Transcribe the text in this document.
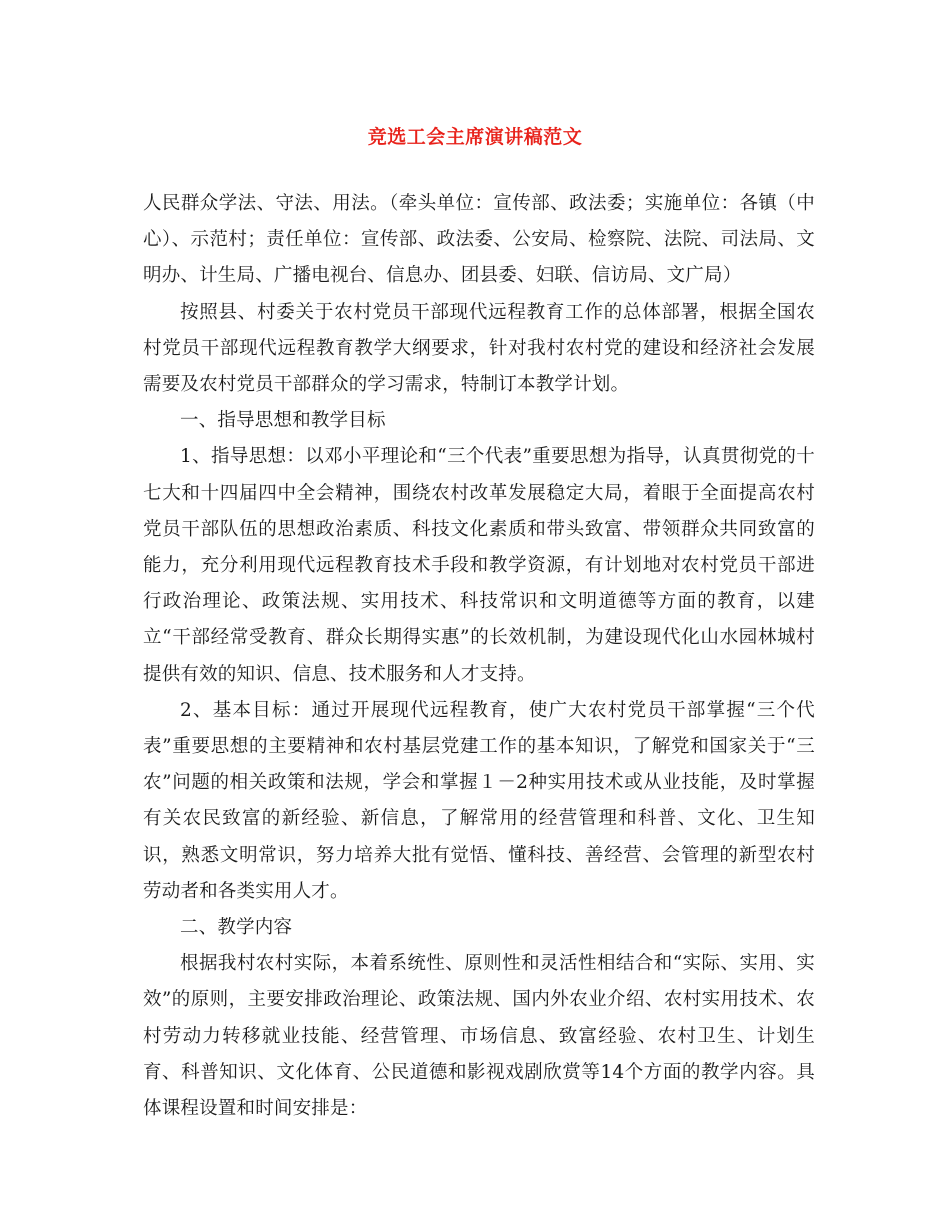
竞选工会主席演讲稿范文

人民群众学法、守法、用法。（牵头单位：宣传部、政法委；实施单位：各镇（中心）、示范村；责任单位：宣传部、政法委、公安局、检察院、法院、司法局、文明办、计生局、广播电视台、信息办、团县委、妇联、信访局、文广局）

按照县、村委关于农村党员干部现代远程教育工作的总体部署，根据全国农村党员干部现代远程教育教学大纲要求，针对我村农村党的建设和经济社会发展需要及农村党员干部群众的学习需求，特制订本教学计划。

一、指导思想和教学目标

1、指导思想：以邓小平理论和“三个代表”重要思想为指导，认真贯彻党的十七大和十四届四中全会精神，围绕农村改革发展稳定大局，着眼于全面提高农村党员干部队伍的思想政治素质、科技文化素质和带头致富、带领群众共同致富的能力，充分利用现代远程教育技术手段和教学资源，有计划地对农村党员干部进行政治理论、政策法规、实用技术、科技常识和文明道德等方面的教育，以建立“干部经常受教育、群众长期得实惠”的长效机制，为建设现代化山水园林城村提供有效的知识、信息、技术服务和人才支持。

2、基本目标：通过开展现代远程教育，使广大农村党员干部掌握“三个代表”重要思想的主要精神和农村基层党建工作的基本知识，了解党和国家关于“三农”问题的相关政策和法规，学会和掌握１－2种实用技术或从业技能，及时掌握有关农民致富的新经验、新信息，了解常用的经营管理和科普、文化、卫生知识，熟悉文明常识，努力培养大批有觉悟、懂科技、善经营、会管理的新型农村劳动者和各类实用人才。

二、教学内容

根据我村农村实际，本着系统性、原则性和灵活性相结合和“实际、实用、实效”的原则，主要安排政治理论、政策法规、国内外农业介绍、农村实用技术、农村劳动力转移就业技能、经营管理、市场信息、致富经验、农村卫生、计划生育、科普知识、文化体育、公民道德和影视戏剧欣赏等14个方面的教学内容。具体课程设置和时间安排是：
